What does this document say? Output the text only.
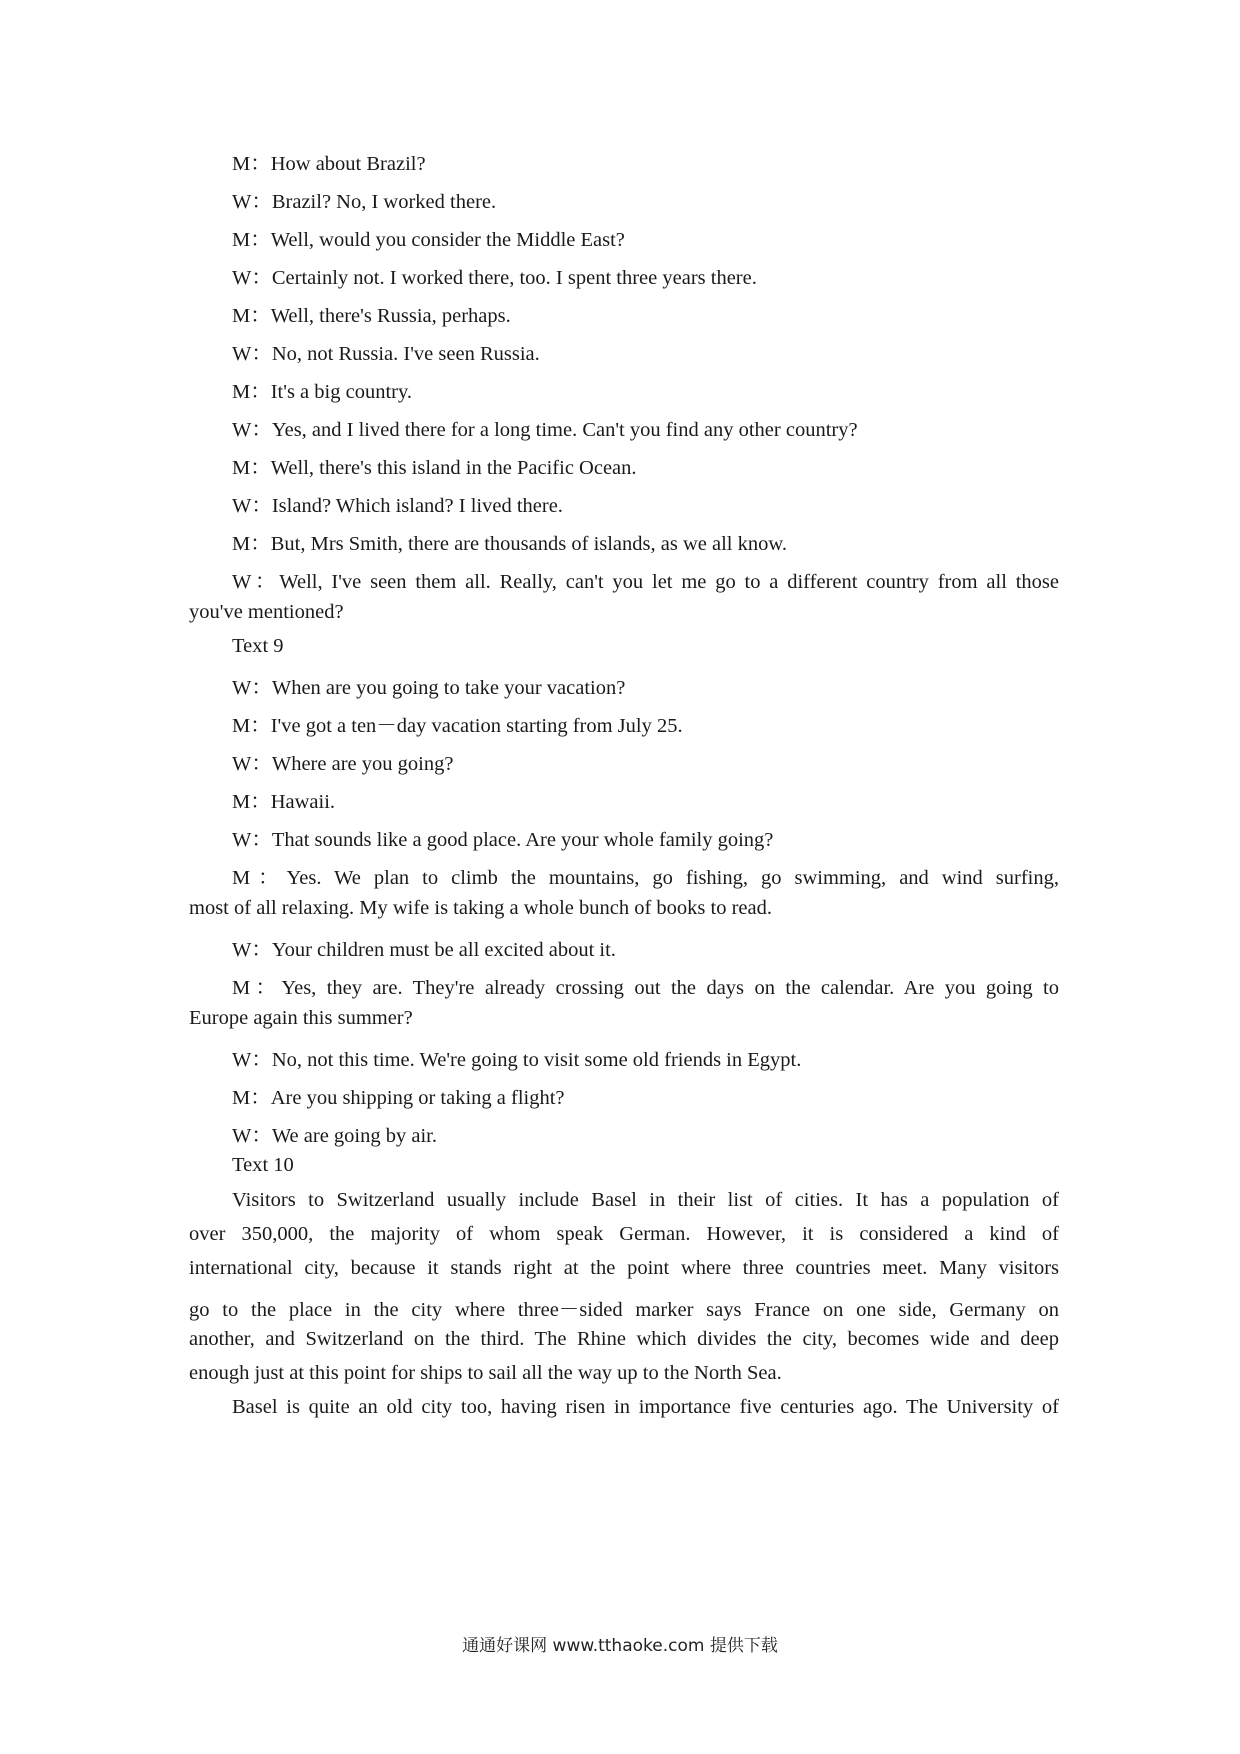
M：How about Brazil?
W：Brazil? No, I worked there.
M：Well, would you consider the Middle East?
W：Certainly not. I worked there, too. I spent three years there.
M：Well, there's Russia, perhaps.
W：No, not Russia. I've seen Russia.
M：It's a big country.
W：Yes, and I lived there for a long time. Can't you find any other country?
M：Well, there's this island in the Pacific Ocean.
W：Island? Which island? I lived there.
M：But, Mrs Smith, there are thousands of islands, as we all know.
W：Well, I've seen them all. Really, can't you let me go to a different country from all those
you've mentioned?
Text 9
W：When are you going to take your vacation?
M：I've got a ten－day vacation starting from July 25.
W：Where are you going?
M：Hawaii.
W：That sounds like a good place. Are your whole family going?
M：Yes. We plan to climb the mountains, go fishing, go swimming, and wind surfing,
most of all relaxing. My wife is taking a whole bunch of books to read.
W：Your children must be all excited about it.
M：Yes, they are. They're already crossing out the days on the calendar. Are you going to
Europe again this summer?
W：No, not this time. We're going to visit some old friends in Egypt.
M：Are you shipping or taking a flight?
W：We are going by air.
Text 10
Visitors to Switzerland usually include Basel in their list of cities. It has a population of
over 350,000, the majority of whom speak German. However, it is considered a kind of
international city, because it stands right at the point where three countries meet. Many visitors
go to the place in the city where three－sided marker says France on one side, Germany on
another, and Switzerland on the third. The Rhine which divides the city, becomes wide and deep
enough just at this point for ships to sail all the way up to the North Sea.
Basel is quite an old city too, having risen in importance five centuries ago. The University of
通通好课网 www.tthaoke.com 提供下载
